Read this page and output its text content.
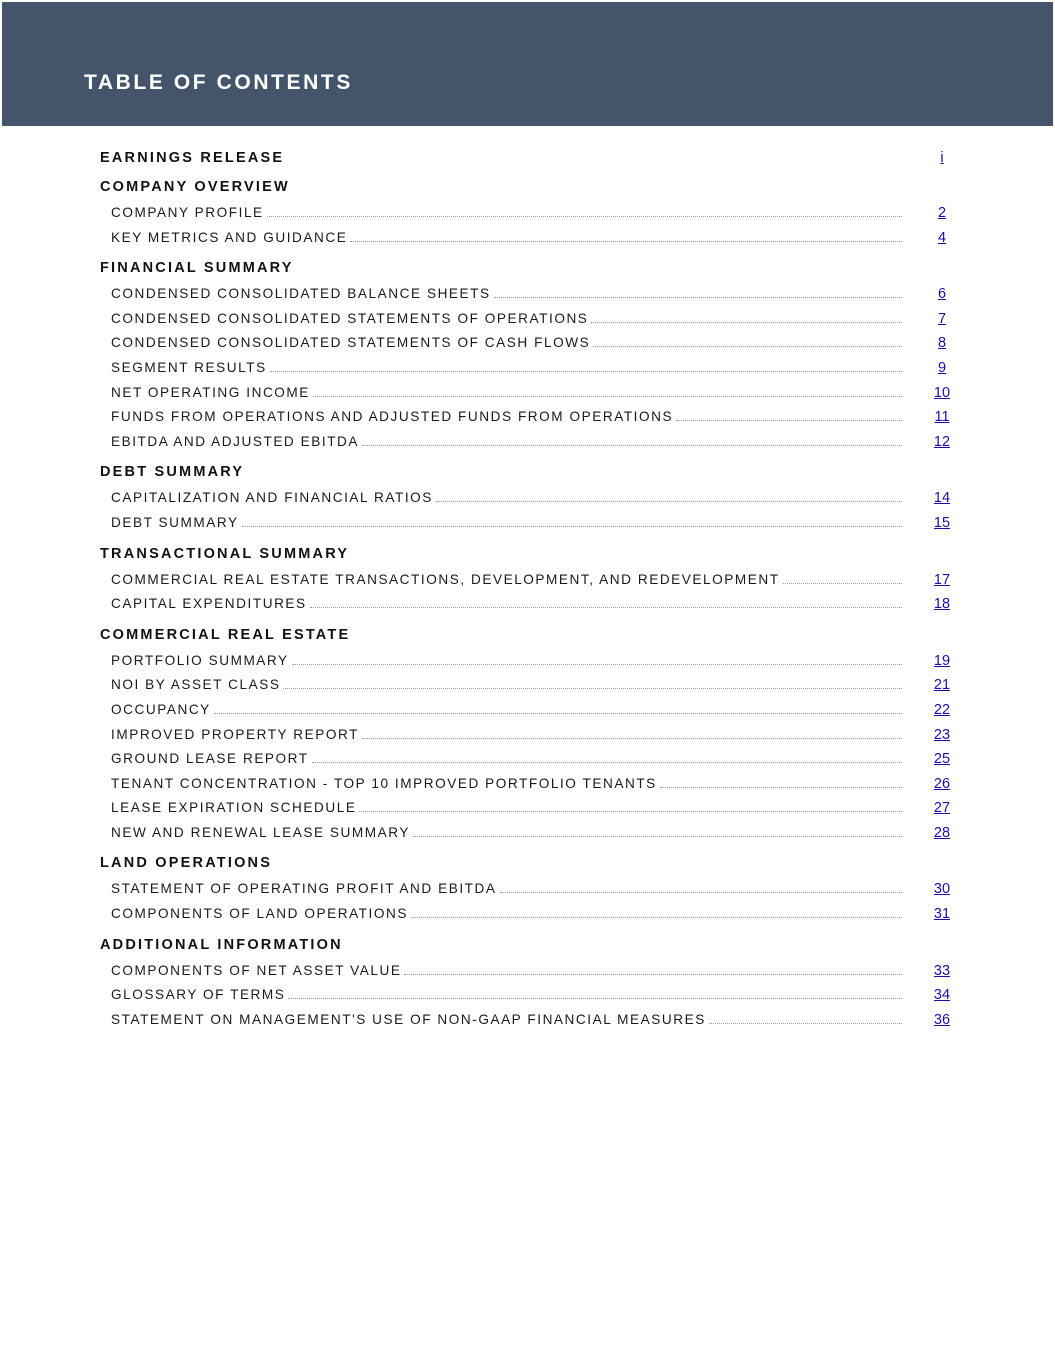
TABLE OF CONTENTS
EARNINGS RELEASE	i
COMPANY OVERVIEW
COMPANY PROFILE	2
KEY METRICS AND GUIDANCE	4
FINANCIAL SUMMARY
CONDENSED CONSOLIDATED BALANCE SHEETS	6
CONDENSED CONSOLIDATED STATEMENTS OF OPERATIONS	7
CONDENSED CONSOLIDATED STATEMENTS OF CASH FLOWS	8
SEGMENT RESULTS	9
NET OPERATING INCOME	10
FUNDS FROM OPERATIONS AND ADJUSTED FUNDS FROM OPERATIONS	11
EBITDA AND ADJUSTED EBITDA	12
DEBT SUMMARY
CAPITALIZATION AND FINANCIAL RATIOS	14
DEBT SUMMARY	15
TRANSACTIONAL SUMMARY
COMMERCIAL REAL ESTATE TRANSACTIONS, DEVELOPMENT, AND REDEVELOPMENT	17
CAPITAL EXPENDITURES	18
COMMERCIAL REAL ESTATE
PORTFOLIO SUMMARY	19
NOI BY ASSET CLASS	21
OCCUPANCY	22
IMPROVED PROPERTY REPORT	23
GROUND LEASE REPORT	25
TENANT CONCENTRATION - TOP 10 IMPROVED PORTFOLIO TENANTS	26
LEASE EXPIRATION SCHEDULE	27
NEW AND RENEWAL LEASE SUMMARY	28
LAND OPERATIONS
STATEMENT OF OPERATING PROFIT AND EBITDA	30
COMPONENTS OF LAND OPERATIONS	31
ADDITIONAL INFORMATION
COMPONENTS OF NET ASSET VALUE	33
GLOSSARY OF TERMS	34
STATEMENT ON MANAGEMENT'S USE OF NON-GAAP FINANCIAL MEASURES	36
